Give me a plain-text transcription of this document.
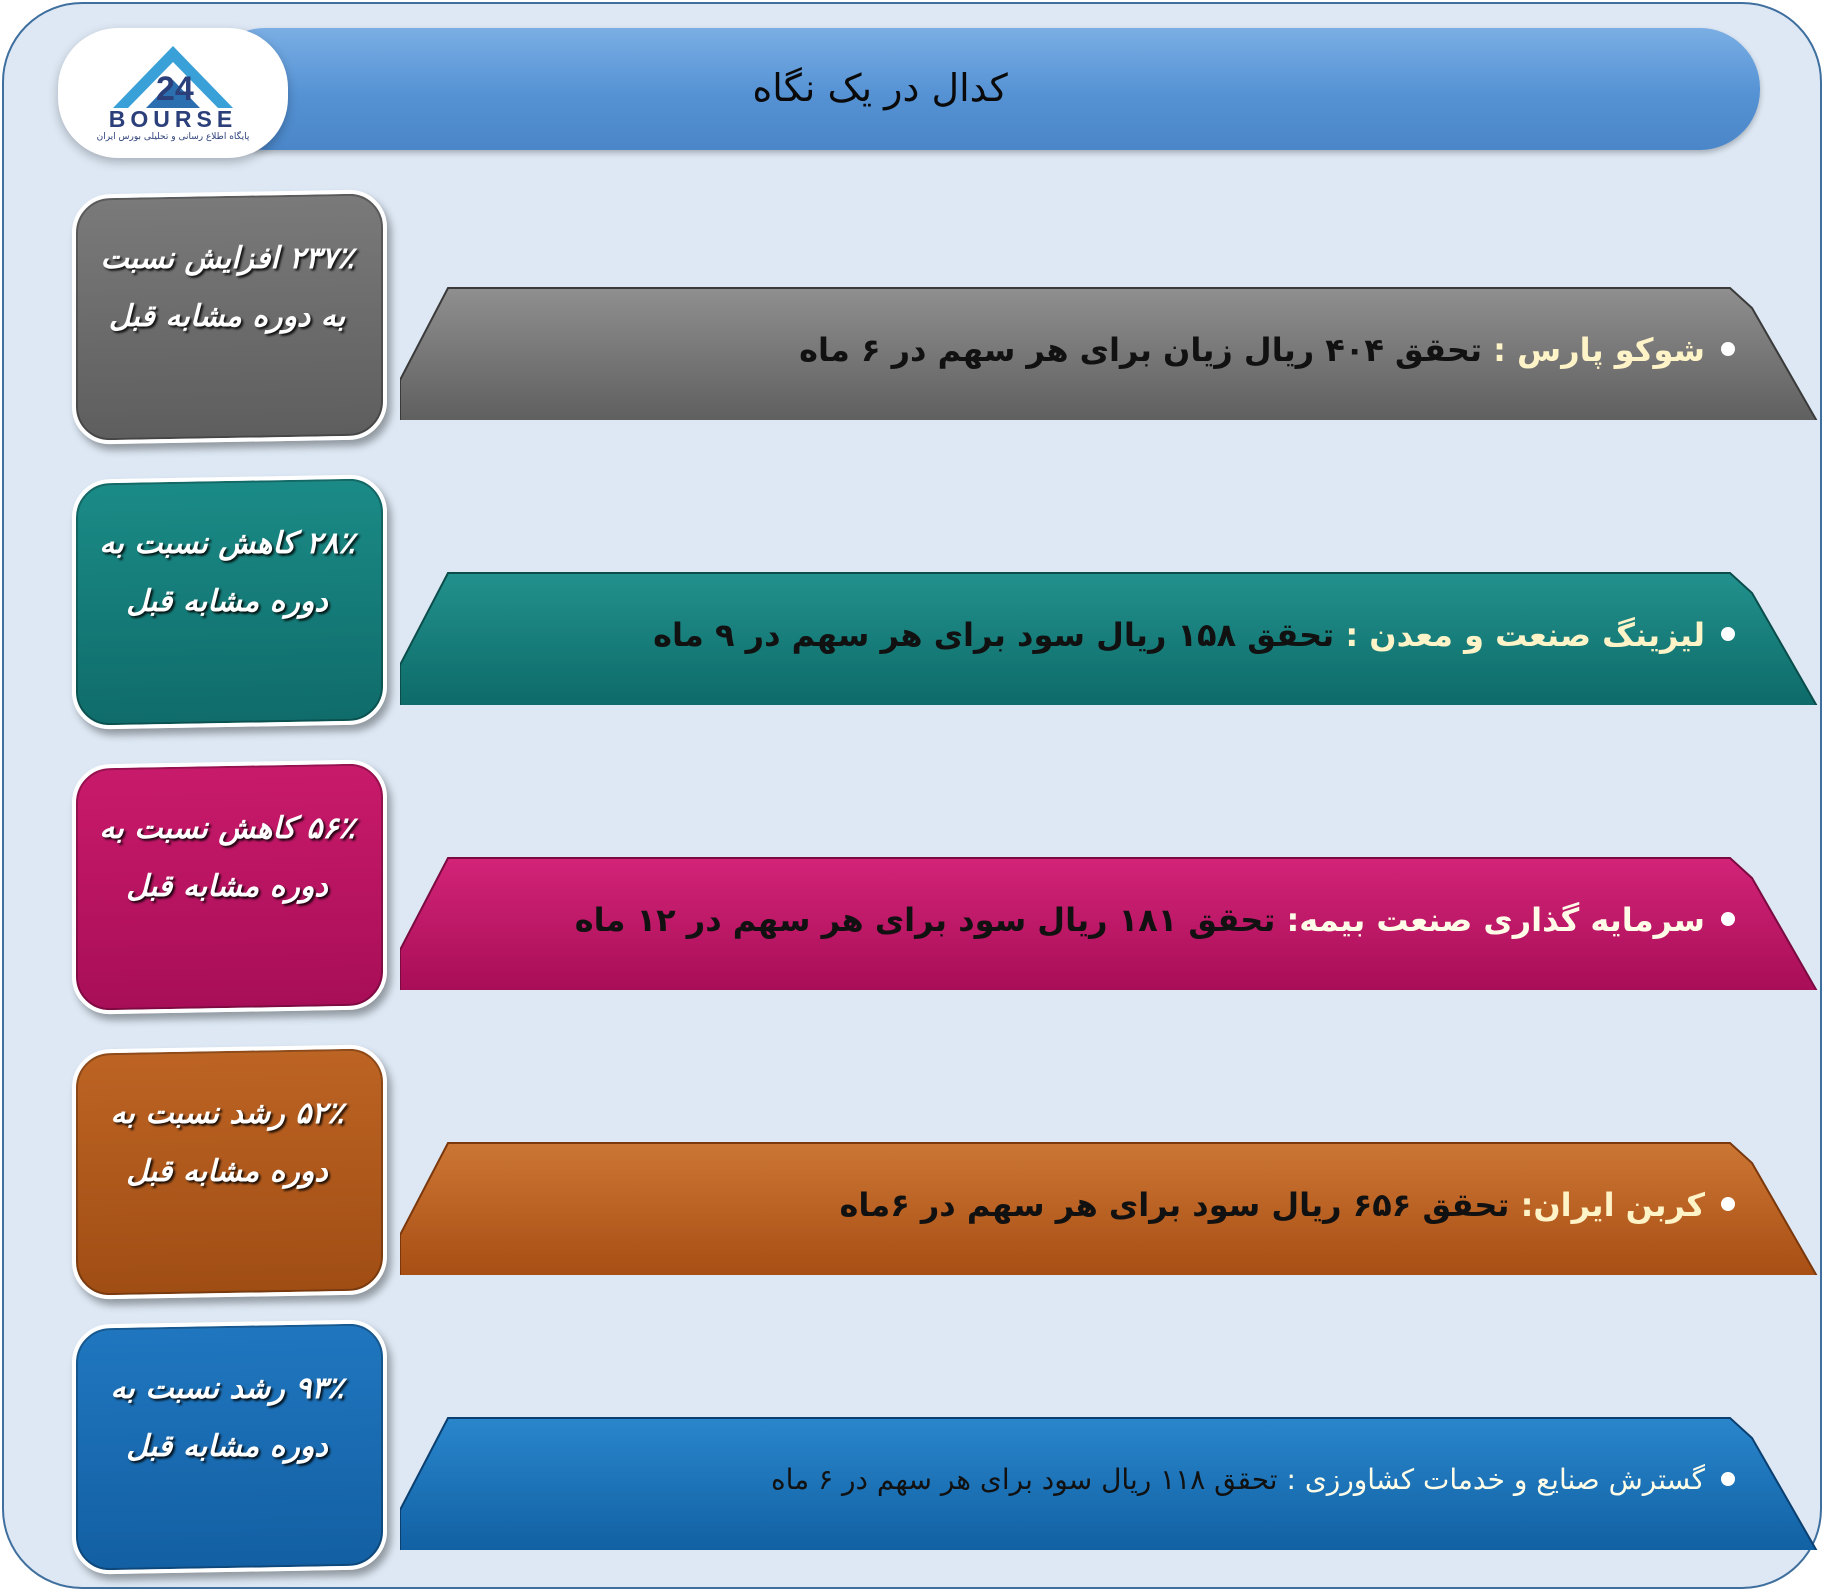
کدال در یک نگاه
24
BOURSE
پایگاه اطلاع رسانی و تحلیلی بورس ایران
شوکو پارس : تحقق ۴۰۴ ریال زیان برای هر سهم در ۶ ماه
۲۳۷٪ افزایش نسبت
به دوره مشابه قبل
لیزینگ صنعت و معدن : تحقق ۱۵۸ ریال سود برای هر سهم در ۹ ماه
۲۸٪ کاهش نسبت به
دوره مشابه قبل
سرمایه گذاری صنعت بیمه: تحقق ۱۸۱ ریال سود برای هر سهم در ۱۲ ماه
۵۶٪ کاهش نسبت به
دوره مشابه قبل
کربن ایران: تحقق ۶۵۶ ریال سود برای هر سهم در ۶ماه
۵۲٪ رشد نسبت به
دوره مشابه قبل
گسترش صنایع و خدمات کشاورزی : تحقق ۱۱۸ ریال سود برای هر سهم در ۶ ماه
۹۳٪ رشد نسبت به
دوره مشابه قبل
